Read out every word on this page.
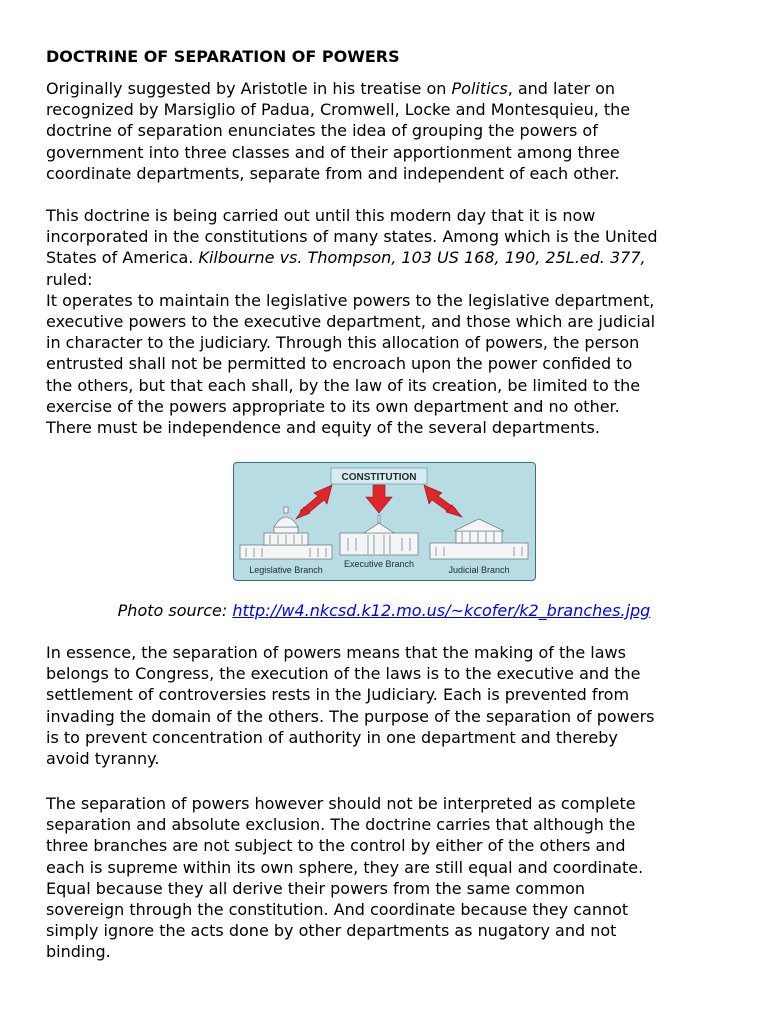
DOCTRINE OF SEPARATION OF POWERS

Originally suggested by Aristotle in his treatise on Politics, and later on
recognized by Marsiglio of Padua, Cromwell, Locke and Montesquieu, the
doctrine of separation enunciates the idea of grouping the powers of
government into three classes and of their apportionment among three
coordinate departments, separate from and independent of each other.

This doctrine is being carried out until this modern day that it is now
incorporated in the constitutions of many states. Among which is the United
States of America. Kilbourne vs. Thompson, 103 US 168, 190, 25L.ed. 377,
ruled:
It operates to maintain the legislative powers to the legislative department,
executive powers to the executive department, and those which are judicial
in character to the judiciary. Through this allocation of powers, the person
entrusted shall not be permitted to encroach upon the power confided to
the others, but that each shall, by the law of its creation, be limited to the
exercise of the powers appropriate to its own department and no other.
There must be independence and equity of the several departments.

In essence, the separation of powers means that the making of the laws
belongs to Congress, the execution of the laws is to the executive and the
settlement of controversies rests in the Judiciary. Each is prevented from
invading the domain of the others. The purpose of the separation of powers
is to prevent concentration of authority in one department and thereby
avoid tyranny.

The separation of powers however should not be interpreted as complete
separation and absolute exclusion. The doctrine carries that although the
three branches are not subject to the control by either of the others and
each is supreme within its own sphere, they are still equal and coordinate.
Equal because they all derive their powers from the same common
sovereign through the constitution. And coordinate because they cannot
simply ignore the acts done by other departments as nugatory and not
binding.

CONSTITUTION
Legislative Branch
Executive Branch
Judicial Branch
Photo source: http://w4.nkcsd.k12.mo.us/~kcofer/k2_branches.jpg
